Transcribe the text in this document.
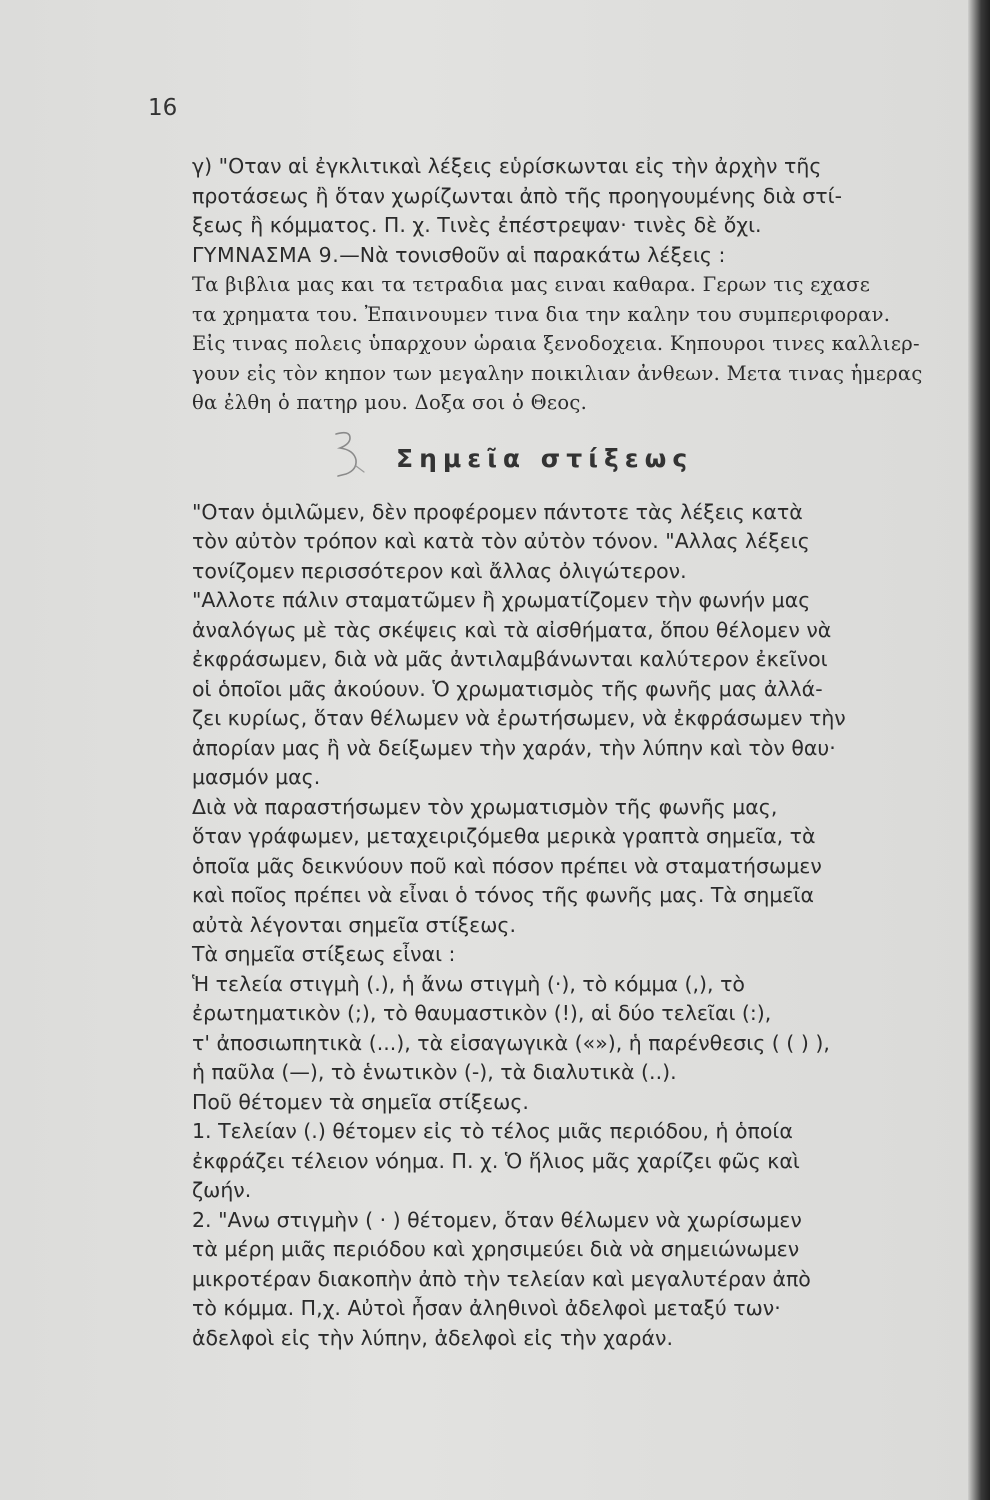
16
γ) "Οταν αἱ ἐγκλιτικαὶ λέξεις εὑρίσκωνται εἰς τὴν ἀρχὴν τῆς
προτάσεως ἢ ὅταν χωρίζωνται ἀπὸ τῆς προηγουμένης διὰ στί-
ξεως ἢ κόμματος. Π. χ. Τινὲς ἐπέστρεψαν· τινὲς δὲ ὄχι.
ΓΥΜΝΑΣΜΑ 9.—Νὰ τονισθοῦν αἱ παρακάτω λέξεις :
Τα βιβλια μας και τα τετραδια μας ειναι καθαρα. Γερων τις εχασε
τα χρηματα του. Ἐπαινουμεν τινα δια την καλην του συμπεριφοραν.
Εἰς τινας πολεις ὑπαρχουν ὡραια ξενοδοχεια. Κηπουροι τινες καλλιερ-
γουν εἰς τὸν κηπον των μεγαλην ποικιλιαν ἀνθεων. Μετα τινας ἡμερας
θα ἐλθη ὁ πατηρ μου. Δοξα σοι ὁ Θεος.
Σημεῖα στίξεως
"Οταν ὁμιλῶμεν, δὲν προφέρομεν πάντοτε τὰς λέξεις κατὰ
τὸν αὐτὸν τρόπον καὶ κατὰ τὸν αὐτὸν τόνον. "Αλλας λέξεις
τονίζομεν περισσότερον καὶ ἄλλας ὀλιγώτερον.
"Αλλοτε πάλιν σταματῶμεν ἢ χρωματίζομεν τὴν φωνήν μας
ἀναλόγως μὲ τὰς σκέψεις καὶ τὰ αἰσθήματα, ὅπου θέλομεν νὰ
ἐκφράσωμεν, διὰ νὰ μᾶς ἀντιλαμβάνωνται καλύτερον ἐκεῖνοι
οἱ ὁποῖοι μᾶς ἀκούουν. Ὁ χρωματισμὸς τῆς φωνῆς μας ἀλλά-
ζει κυρίως, ὅταν θέλωμεν νὰ ἐρωτήσωμεν, νὰ ἐκφράσωμεν τὴν
ἀπορίαν μας ἢ νὰ δείξωμεν τὴν χαράν, τὴν λύπην καὶ τὸν θαυ·
μασμόν μας.
Διὰ νὰ παραστήσωμεν τὸν χρωματισμὸν τῆς φωνῆς μας,
ὅταν γράφωμεν, μεταχειριζόμεθα μερικὰ γραπτὰ σημεῖα, τὰ
ὁποῖα μᾶς δεικνύουν ποῦ καὶ πόσον πρέπει νὰ σταματήσωμεν
καὶ ποῖος πρέπει νὰ εἶναι ὁ τόνος τῆς φωνῆς μας. Τὰ σημεῖα
αὐτὰ λέγονται σημεῖα στίξεως.
Τὰ σημεῖα στίξεως εἶναι :
Ἡ τελεία στιγμὴ (.), ἡ ἄνω στιγμὴ (·), τὸ κόμμα (,), τὸ
ἐρωτηματικὸν (;), τὸ θαυμαστικὸν (!), αἱ δύο τελεῖαι (:),
τ' ἀποσιωπητικὰ (...), τὰ εἰσαγωγικὰ («»), ἡ παρένθεσις ( ( ) ),
ἡ παῦλα (—), τὸ ἑνωτικὸν (-), τὰ διαλυτικὰ (..).
Ποῦ θέτομεν τὰ σημεῖα στίξεως.
1. Τελείαν (.) θέτομεν εἰς τὸ τέλος μιᾶς περιόδου, ἡ ὁποία
ἐκφράζει τέλειον νόημα. Π. χ. Ὁ ἥλιος μᾶς χαρίζει φῶς καὶ
ζωήν.
2. "Ανω στιγμὴν ( · ) θέτομεν, ὅταν θέλωμεν νὰ χωρίσωμεν
τὰ μέρη μιᾶς περιόδου καὶ χρησιμεύει διὰ νὰ σημειώνωμεν
μικροτέραν διακοπὴν ἀπὸ τὴν τελείαν καὶ μεγαλυτέραν ἀπὸ
τὸ κόμμα. Π,χ. Αὐτοὶ ἦσαν ἀληθινοὶ ἀδελφοὶ μεταξύ των·
ἀδελφοὶ εἰς τὴν λύπην, ἀδελφοὶ εἰς τὴν χαράν.
